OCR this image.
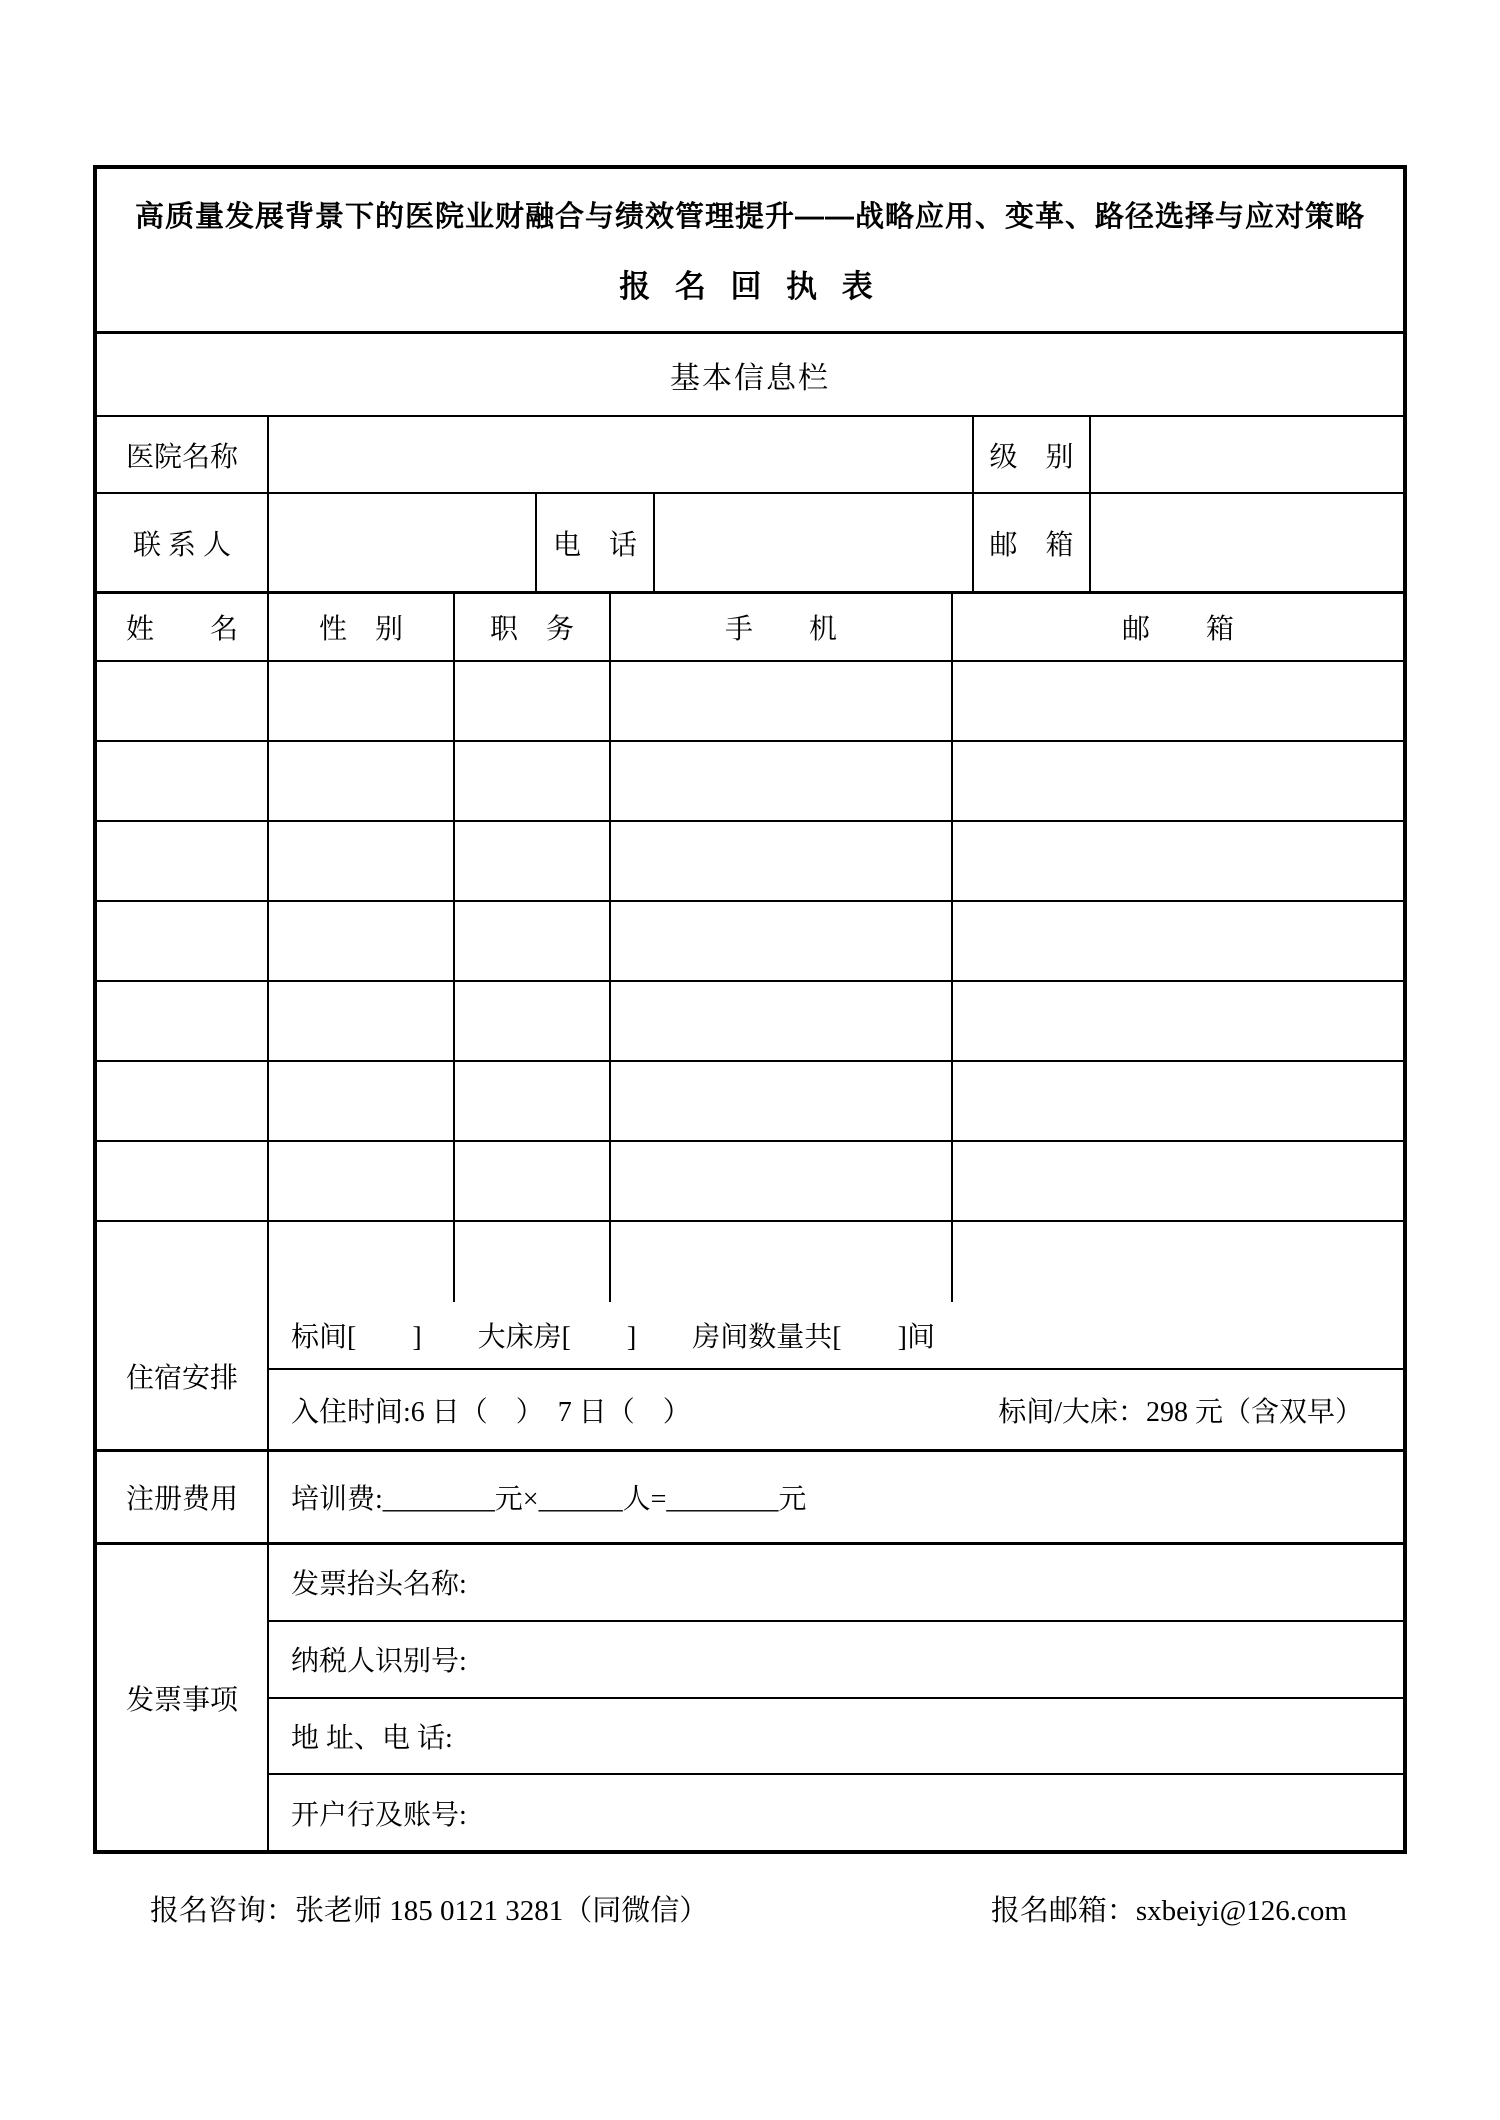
高质量发展背景下的医院业财融合与绩效管理提升——战略应用、变革、路径选择与应对策略
报 名 回 执 表
基本信息栏
医院名称	级　别
联 系 人	电　话	邮　箱
姓　　名	性　别	职　务	手　　机	邮　　箱
住宿安排
标间[　　]　　大床房[　　]　　房间数量共[　　]间
入住时间:6 日（　）  7 日（　）	标间/大床：298 元（含双早）
注册费用	培训费:________元×______人=________元
发票事项
发票抬头名称:
纳税人识别号:
地 址、电 话:
开户行及账号:
报名咨询：张老师 185 0121 3281（同微信）	报名邮箱：sxbeiyi@126.com
